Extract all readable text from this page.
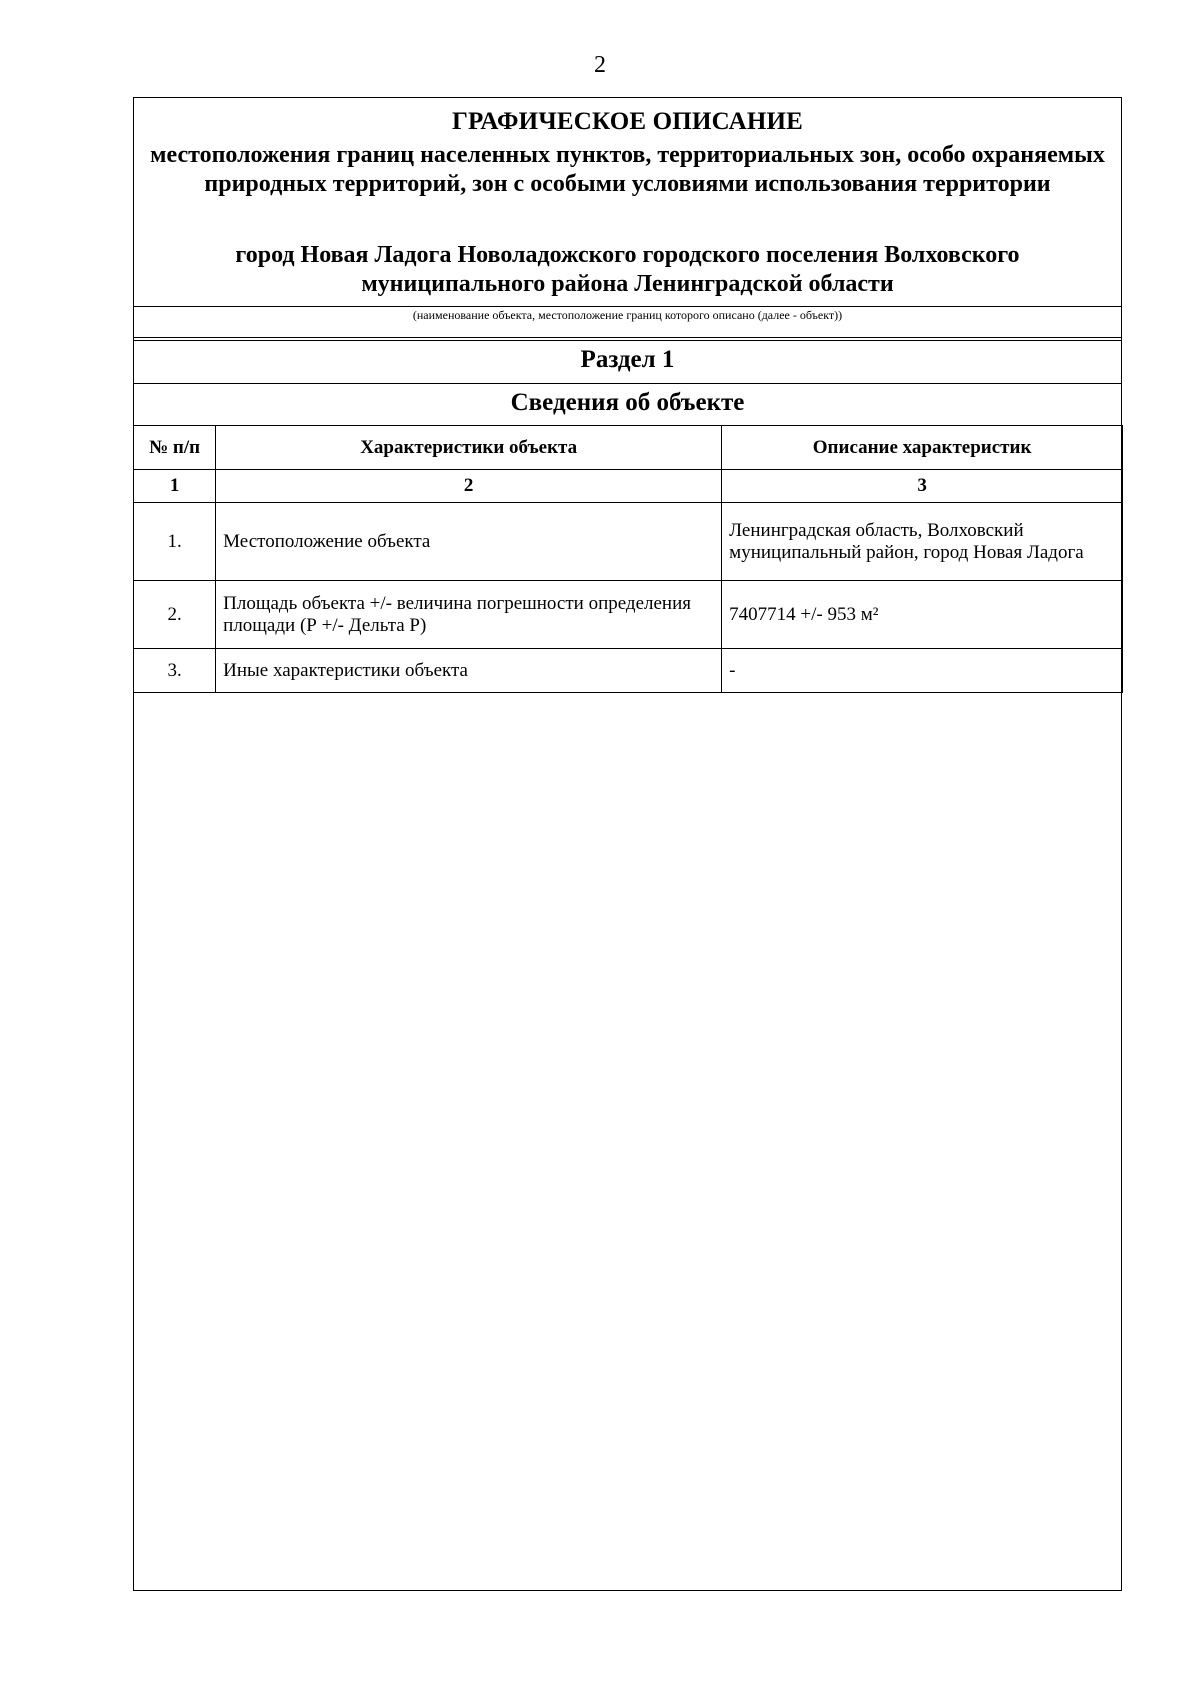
2
ГРАФИЧЕСКОЕ ОПИСАНИЕ
местоположения границ населенных пунктов, территориальных зон, особо охраняемых природных территорий, зон с особыми условиями использования территории
город Новая Ладога Новоладожского городского поселения Волховского муниципального района Ленинградской области
(наименование объекта, местоположение границ которого описано (далее - объект))
Раздел 1
Сведения об объекте
№ п/п	Характеристики объекта	Описание характеристик
1	2	3
1.	Местоположение объекта	Ленинградская область, Волховский муниципальный район, город Новая Ладога
2.	Площадь объекта +/- величина погрешности определения площади (Р +/- Дельта Р)	7407714 +/- 953 м²
3.	Иные характеристики объекта	-
